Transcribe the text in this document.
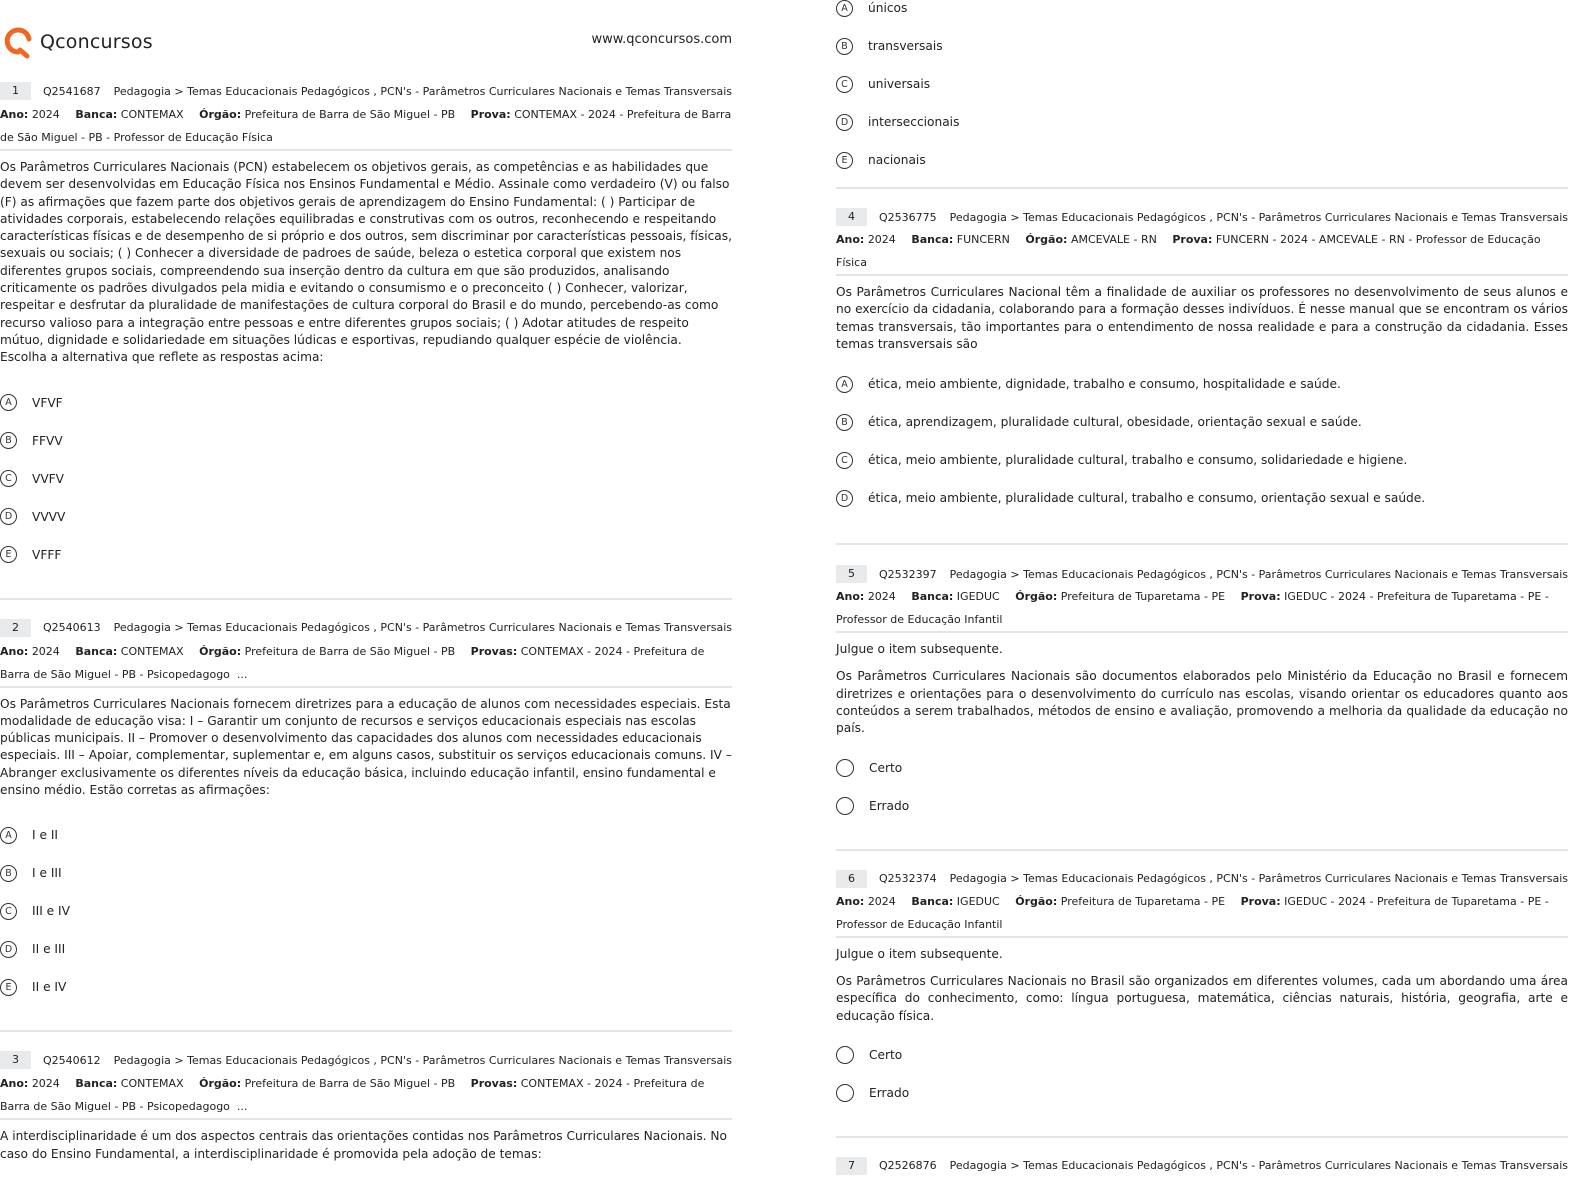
Qconcursos	www.qconcursos.com
1	Q2541687 Pedagogia > Temas Educacionais Pedagógicos , PCN's - Parâmetros Curriculares Nacionais e Temas Transversais
Ano: 2024 Banca: CONTEMAX Órgão: Prefeitura de Barra de São Miguel - PB Prova: CONTEMAX - 2024 - Prefeitura de Barra de São Miguel - PB - Professor de Educação Física
Os Parâmetros Curriculares Nacionais (PCN) estabelecem os objetivos gerais, as competências e as habilidades que devem ser desenvolvidas em Educação Física nos Ensinos Fundamental e Médio. Assinale como verdadeiro (V) ou falso (F) as afirmações que fazem parte dos objetivos gerais de aprendizagem do Ensino Fundamental: ( ) Participar de atividades corporais, estabelecendo relações equilibradas e construtivas com os outros, reconhecendo e respeitando características físicas e de desempenho de si próprio e dos outros, sem discriminar por características pessoais, físicas, sexuais ou sociais; ( ) Conhecer a diversidade de padroes de saúde, beleza o estetica corporal que existem nos diferentes grupos sociais, compreendendo sua inserção dentro da cultura em que são produzidos, analisando criticamente os padrões divulgados pela midia e evitando o consumismo e o preconceito ( ) Conhecer, valorizar, respeitar e desfrutar da pluralidade de manifestações de cultura corporal do Brasil e do mundo, percebendo-as como recurso valioso para a integração entre pessoas e entre diferentes grupos sociais; ( ) Adotar atitudes de respeito mútuo, dignidade e solidariedade em situações lúdicas e esportivas, repudiando qualquer espécie de violência. Escolha a alternativa que reflete as respostas acima:
A	VFVF
B	FFVV
C	VVFV
D	VVVV
E	VFFF
2	Q2540613 Pedagogia > Temas Educacionais Pedagógicos , PCN's - Parâmetros Curriculares Nacionais e Temas Transversais
Ano: 2024 Banca: CONTEMAX Órgão: Prefeitura de Barra de São Miguel - PB Provas: CONTEMAX - 2024 - Prefeitura de Barra de São Miguel - PB - Psicopedagogo ...
Os Parâmetros Curriculares Nacionais fornecem diretrizes para a educação de alunos com necessidades especiais. Esta modalidade de educação visa: I – Garantir um conjunto de recursos e serviços educacionais especiais nas escolas públicas municipais. II – Promover o desenvolvimento das capacidades dos alunos com necessidades educacionais especiais. III – Apoiar, complementar, suplementar e, em alguns casos, substituir os serviços educacionais comuns. IV – Abranger exclusivamente os diferentes níveis da educação básica, incluindo educação infantil, ensino fundamental e ensino médio. Estão corretas as afirmações:
A	I e II
B	I e III
C	III e IV
D	II e III
E	II e IV
3	Q2540612 Pedagogia > Temas Educacionais Pedagógicos , PCN's - Parâmetros Curriculares Nacionais e Temas Transversais
Ano: 2024 Banca: CONTEMAX Órgão: Prefeitura de Barra de São Miguel - PB Provas: CONTEMAX - 2024 - Prefeitura de Barra de São Miguel - PB - Psicopedagogo ...
A interdisciplinaridade é um dos aspectos centrais das orientações contidas nos Parâmetros Curriculares Nacionais. No caso do Ensino Fundamental, a interdisciplinaridade é promovida pela adoção de temas:
A	únicos
B	transversais
C	universais
D	interseccionais
E	nacionais
4	Q2536775 Pedagogia > Temas Educacionais Pedagógicos , PCN's - Parâmetros Curriculares Nacionais e Temas Transversais
Ano: 2024 Banca: FUNCERN Órgão: AMCEVALE - RN Prova: FUNCERN - 2024 - AMCEVALE - RN - Professor de Educação Física
Os Parâmetros Curriculares Nacional têm a finalidade de auxiliar os professores no desenvolvimento de seus alunos e no exercício da cidadania, colaborando para a formação desses indivíduos. É nesse manual que se encontram os vários temas transversais, tão importantes para o entendimento de nossa realidade e para a construção da cidadania. Esses temas transversais são
A	ética, meio ambiente, dignidade, trabalho e consumo, hospitalidade e saúde.
B	ética, aprendizagem, pluralidade cultural, obesidade, orientação sexual e saúde.
C	ética, meio ambiente, pluralidade cultural, trabalho e consumo, solidariedade e higiene.
D	ética, meio ambiente, pluralidade cultural, trabalho e consumo, orientação sexual e saúde.
5	Q2532397 Pedagogia > Temas Educacionais Pedagógicos , PCN's - Parâmetros Curriculares Nacionais e Temas Transversais
Ano: 2024 Banca: IGEDUC Órgão: Prefeitura de Tuparetama - PE Prova: IGEDUC - 2024 - Prefeitura de Tuparetama - PE - Professor de Educação Infantil
Julgue o item subsequente.
Os Parâmetros Curriculares Nacionais são documentos elaborados pelo Ministério da Educação no Brasil e fornecem diretrizes e orientações para o desenvolvimento do currículo nas escolas, visando orientar os educadores quanto aos conteúdos a serem trabalhados, métodos de ensino e avaliação, promovendo a melhoria da qualidade da educação no país.
Certo
Errado
6	Q2532374 Pedagogia > Temas Educacionais Pedagógicos , PCN's - Parâmetros Curriculares Nacionais e Temas Transversais
Ano: 2024 Banca: IGEDUC Órgão: Prefeitura de Tuparetama - PE Prova: IGEDUC - 2024 - Prefeitura de Tuparetama - PE - Professor de Educação Infantil
Julgue o item subsequente.
Os Parâmetros Curriculares Nacionais no Brasil são organizados em diferentes volumes, cada um abordando uma área específica do conhecimento, como: língua portuguesa, matemática, ciências naturais, história, geografia, arte e educação física.
Certo
Errado
7	Q2526876 Pedagogia > Temas Educacionais Pedagógicos , PCN's - Parâmetros Curriculares Nacionais e Temas Transversais
